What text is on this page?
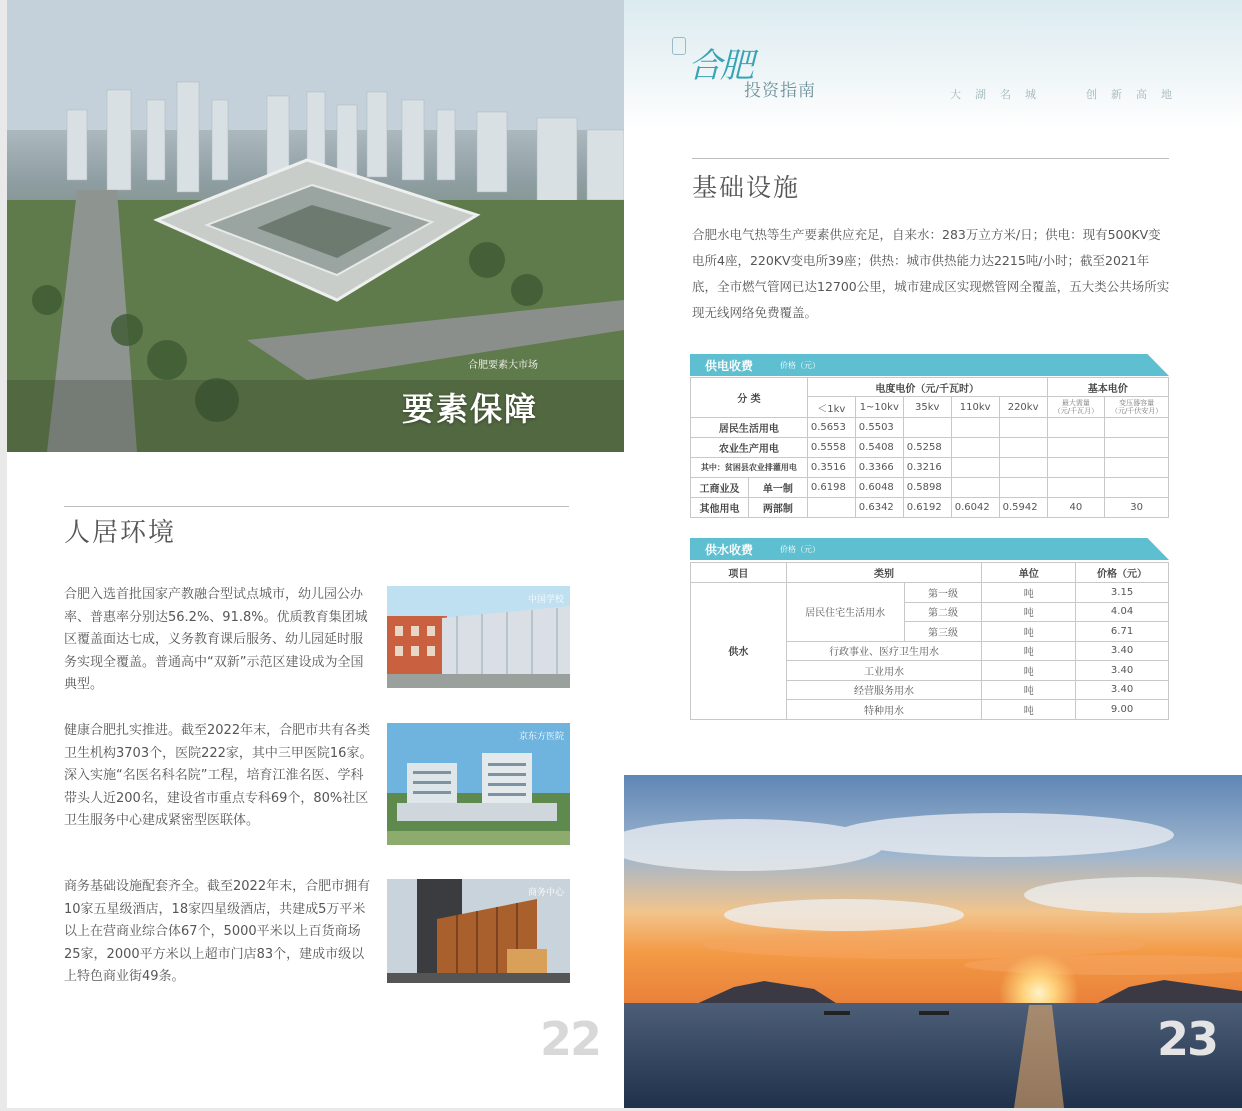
合肥要素大市场
要素保障
人居环境
合肥入选首批国家产教融合型试点城市，幼儿园公办率、普惠率分别达56.2%、91.8%。优质教育集团城区覆盖面达七成，义务教育课后服务、幼儿园延时服务实现全覆盖。普通高中“双新”示范区建设成为全国典型。
健康合肥扎实推进。截至2022年末，合肥市共有各类卫生机构3703个，医院222家，其中三甲医院16家。深入实施“名医名科名院”工程，培育江淮名医、学科带头人近200名，建设省市重点专科69个，80%社区卫生服务中心建成紧密型医联体。
商务基础设施配套齐全。截至2022年末，合肥市拥有10家五星级酒店，18家四星级酒店，共建成5万平米以上在营商业综合体67个，5000平米以上百货商场25家，2000平方米以上超市门店83个，建成市级以上特色商业街49条。
中国学校
京东方医院
商务中心
22
合肥
投资指南	大湖名城	创新高地
基础设施
合肥水电气热等生产要素供应充足，自来水：283万立方米/日；供电：现有500KV变电所4座，220KV变电所39座；供热：城市供热能力达2215吨/小时；截至2021年底，全市燃气管网已达12700公里，城市建成区实现燃管网全覆盖，五大类公共场所实现无线网络免费覆盖。
供电收费	价格（元）
分 类		电度电价（元/千瓦时）					基本电价	
		＜1kv	1~10kv	35kv	110kv	220kv	最大需量
（元/千瓦月）	变压器容量
（元/千伏安月）
居民生活用电		0.5653	0.5503					
农业生产用电		0.5558	0.5408	0.5258				
其中：贫困县农业排灌用电		0.3516	0.3366	0.3216				
工商业及	单一制	0.6198	0.6048	0.5898				
其他用电	两部制		0.6342	0.6192	0.6042	0.5942	40	30
供水收费	价格（元）
项目	类别		单位	价格（元）
供水	居民住宅生活用水	第一级	吨	3.15
		第二级	吨	4.04
		第三级	吨	6.71
	行政事业、医疗卫生用水		吨	3.40
	工业用水		吨	3.40
	经营服务用水		吨	3.40
	特种用水		吨	9.00
23
